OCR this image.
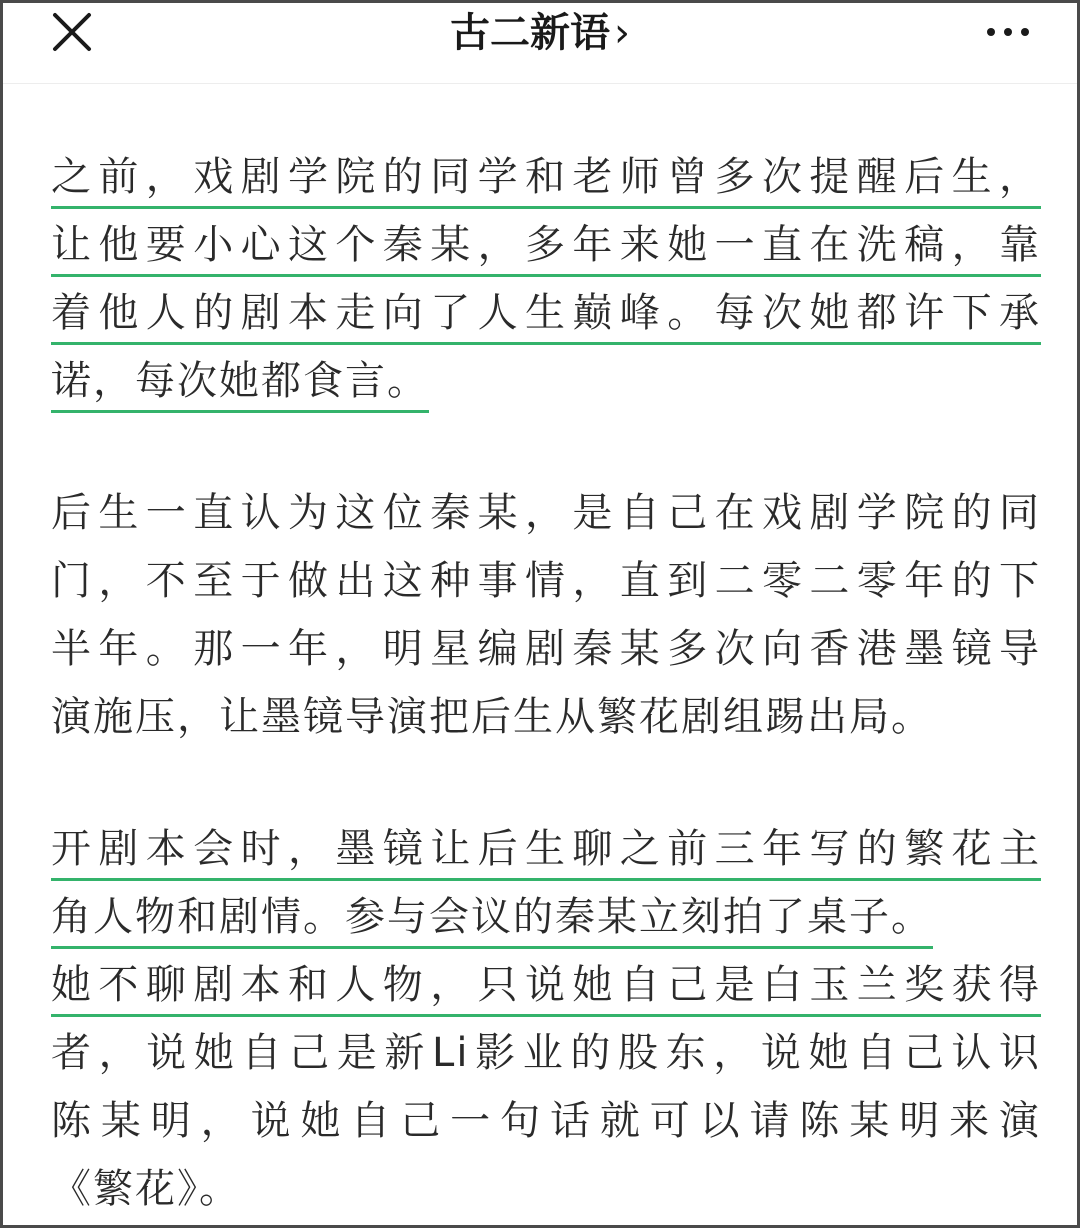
古二新语 ›
之前，戏剧学院的同学和老师曾多次提醒后生，
让他要小心这个秦某，多年来她一直在洗稿，靠
着他人的剧本走向了人生巅峰。每次她都许下承
诺，每次她都食言。
后生一直认为这位秦某，是自己在戏剧学院的同
门，不至于做出这种事情，直到二零二零年的下
半年。那一年，明星编剧秦某多次向香港墨镜导
演施压，让墨镜导演把后生从繁花剧组踢出局。
开剧本会时，墨镜让后生聊之前三年写的繁花主
角人物和剧情。参与会议的秦某立刻拍了桌子。
她不聊剧本和人物，只说她自己是白玉兰奖获得
者，说她自己是新Li影业的股东，说她自己认识
陈某明，说她自己一句话就可以请陈某明来演
《繁花》。
